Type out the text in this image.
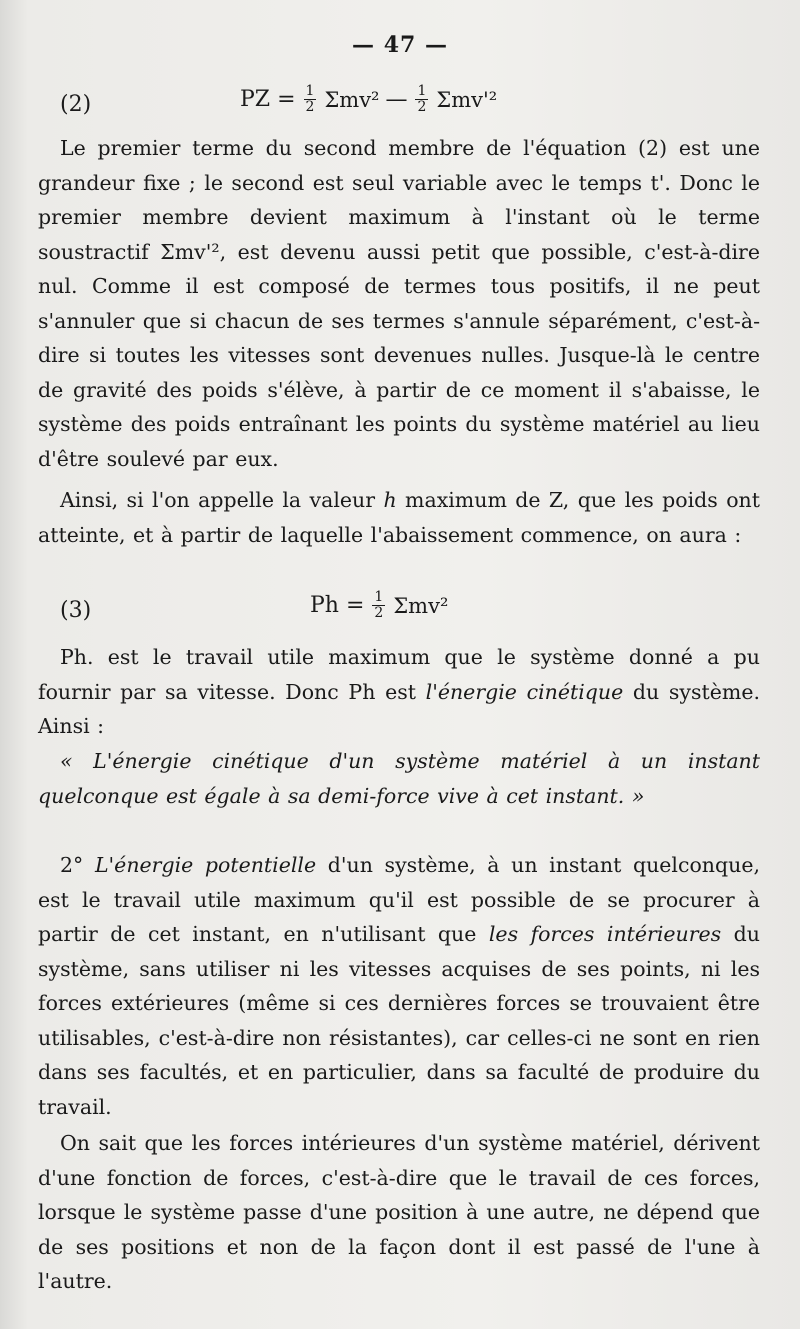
— 47 —
(2)	PZ = $\frac{1}{2} \Sigma mv^2$ — $\frac{1}{2} \Sigma mv'^2$

Le premier terme du second membre de l'équation (2) est une grandeur fixe ; le second est seul variable avec le temps t'. Donc le premier membre devient maximum à l'instant où le terme soustractif Σmv'², est devenu aussi petit que possible, c'est-à-dire nul. Comme il est composé de termes tous positifs, il ne peut s'annuler que si chacun de ses termes s'annule séparément, c'est-à-dire si toutes les vitesses sont devenues nulles. Jusque-là le centre de gravité des poids s'élève, à partir de ce moment il s'abaisse, le système des poids entraînant les points du système matériel au lieu d'être soulevé par eux.

Ainsi, si l'on appelle la valeur h maximum de Z, que les poids ont atteinte, et à partir de laquelle l'abaissement commence, on aura :

(3)	$Ph = \frac{1}{2} \Sigma mv^2$

Ph. est le travail utile maximum que le système donné a pu fournir par sa vitesse. Donc Ph est l'énergie cinétique du système. Ainsi :

« L'énergie cinétique d'un système matériel à un instant quelconque est égale à sa demi-force vive à cet instant. »

2° L'énergie potentielle d'un système, à un instant quelconque, est le travail utile maximum qu'il est possible de se procurer à partir de cet instant, en n'utilisant que les forces intérieures du système, sans utiliser ni les vitesses acquises de ses points, ni les forces extérieures (même si ces dernières forces se trouvaient être utilisables, c'est-à-dire non résistantes), car celles-ci ne sont en rien dans ses facultés, et en particulier, dans sa faculté de produire du travail.

On sait que les forces intérieures d'un système matériel, dérivent d'une fonction de forces, c'est-à-dire que le travail de ces forces, lorsque le système passe d'une position à une autre, ne dépend que de ses positions et non de la façon dont il est passé de l'une à l'autre.
